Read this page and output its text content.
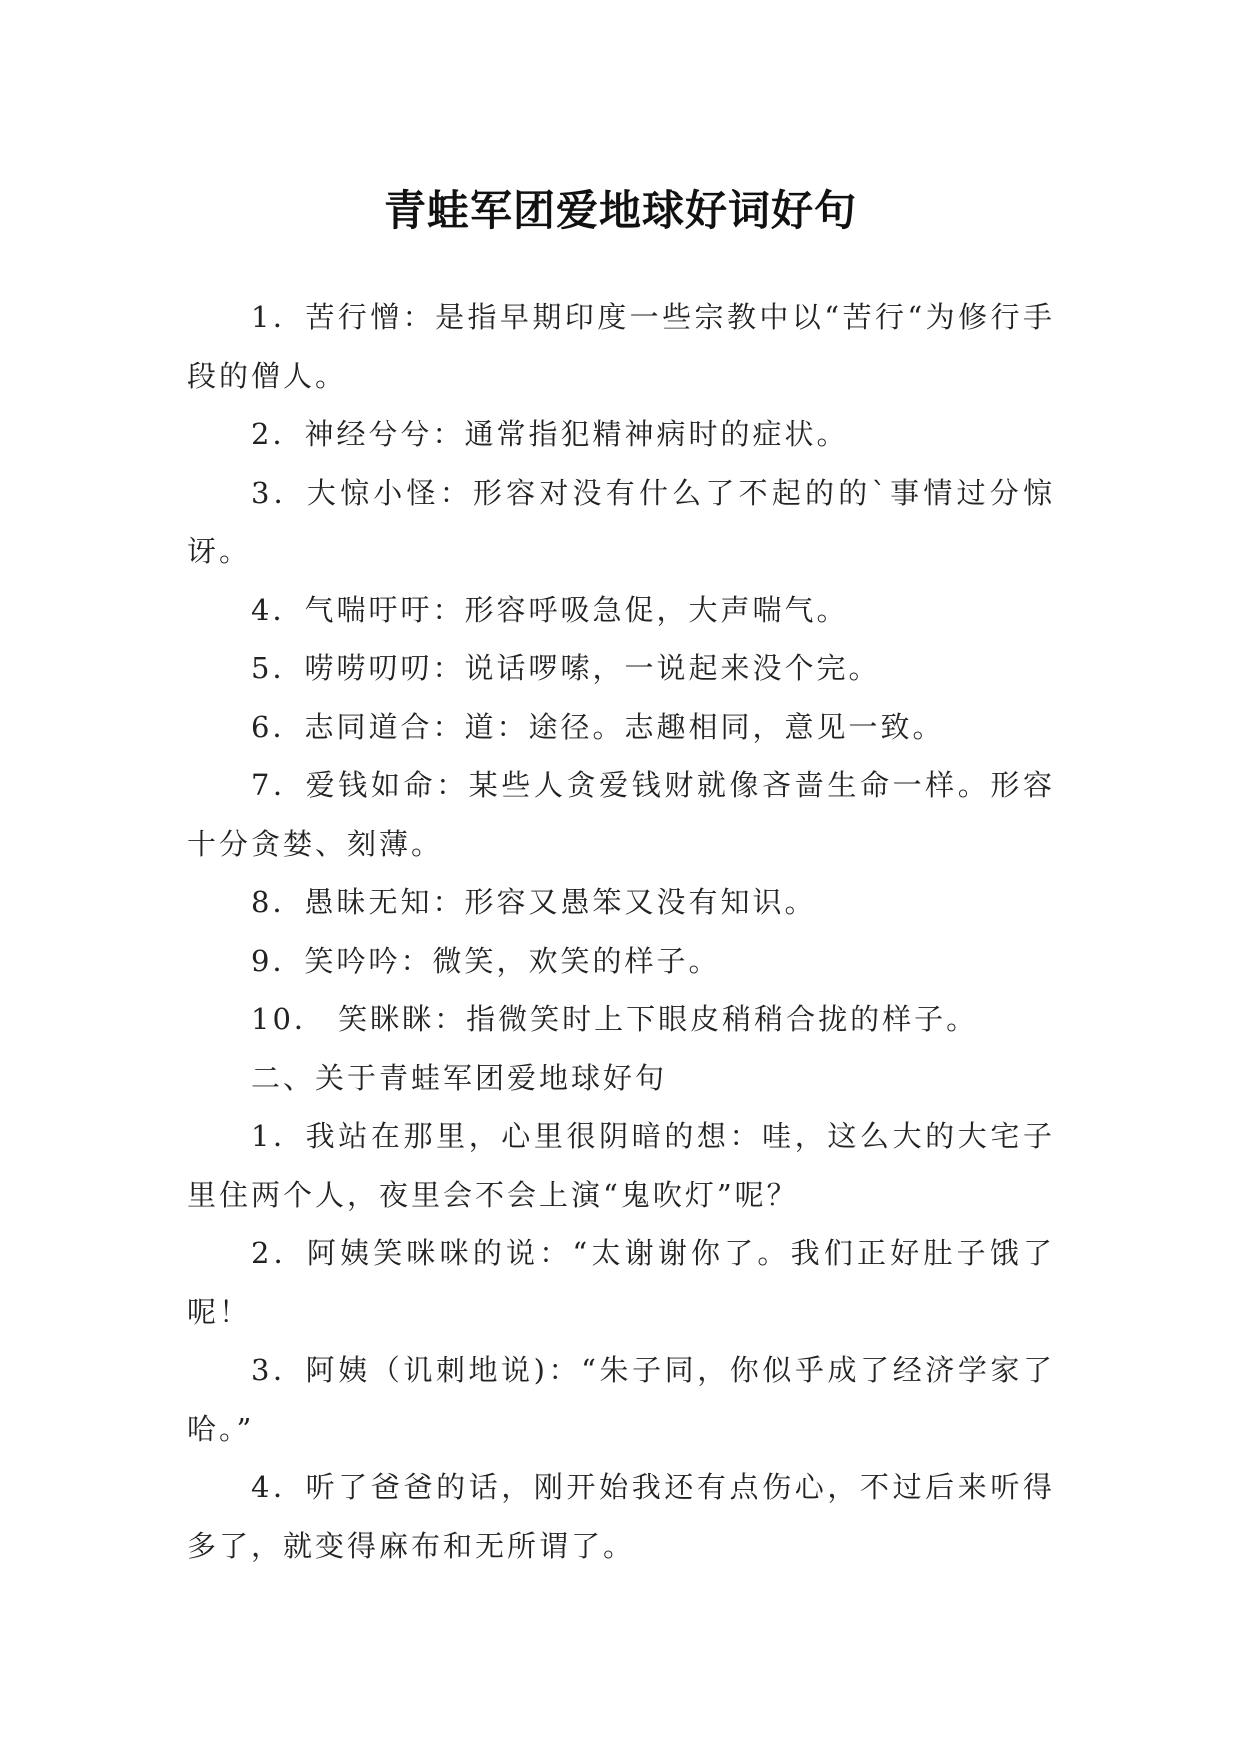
青蛙军团爱地球好词好句

1．苦行憎：是指早期印度一些宗教中以“苦行“为修行手段的僧人。

2．神经兮兮：通常指犯精神病时的症状。

3．大惊小怪：形容对没有什么了不起的的`事情过分惊讶。

4．气喘吁吁：形容呼吸急促，大声喘气。

5．唠唠叨叨：说话啰嗦，一说起来没个完。

6．志同道合：道：途径。志趣相同，意见一致。

7．爱钱如命：某些人贪爱钱财就像吝啬生命一样。形容十分贪婪、刻薄。

8．愚昧无知：形容又愚笨又没有知识。

9．笑吟吟：微笑，欢笑的样子。

10． 笑眯眯：指微笑时上下眼皮稍稍合拢的样子。

二、关于青蛙军团爱地球好句

1．我站在那里，心里很阴暗的想：哇，这么大的大宅子里住两个人，夜里会不会上演“鬼吹灯”呢？

2．阿姨笑咪咪的说：“太谢谢你了。我们正好肚子饿了呢！

3．阿姨（讥刺地说)：“朱子同，你似乎成了经济学家了哈。”

4．听了爸爸的话，刚开始我还有点伤心，不过后来听得多了，就变得麻布和无所谓了。
